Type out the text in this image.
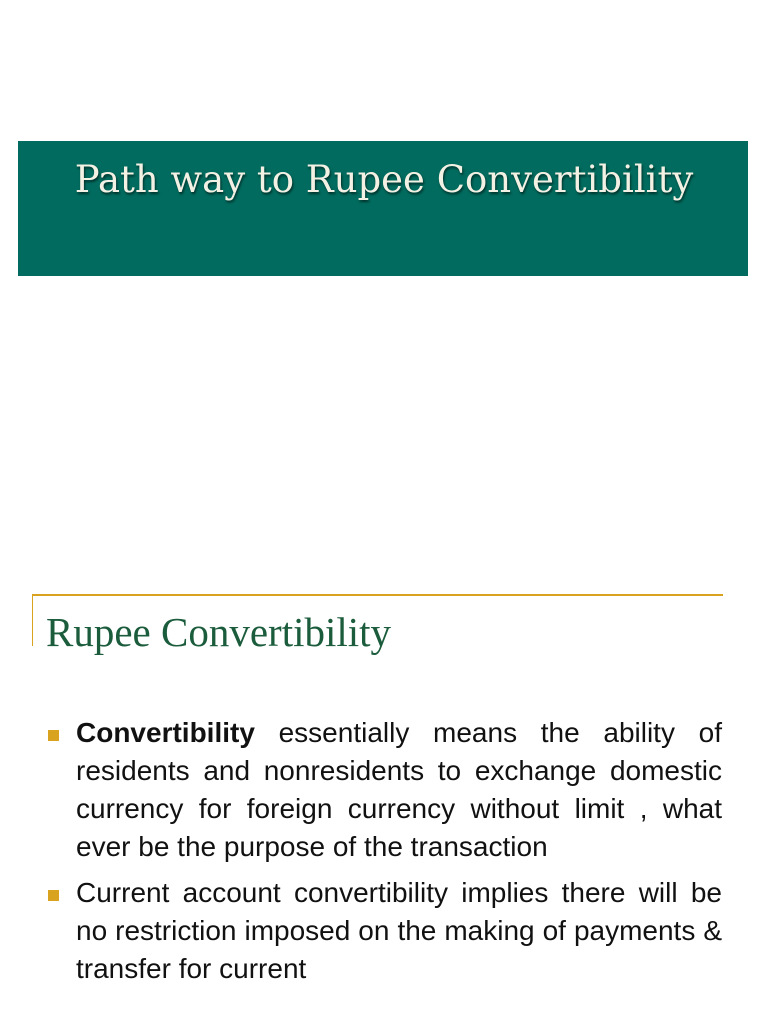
Path way to Rupee Convertibility
Rupee Convertibility
Convertibility essentially means the ability of residents and nonresidents to exchange domestic currency for foreign currency without limit , what ever be the purpose of the transaction
Current account convertibility implies there will be no restriction imposed on the making of payments & transfer for current
